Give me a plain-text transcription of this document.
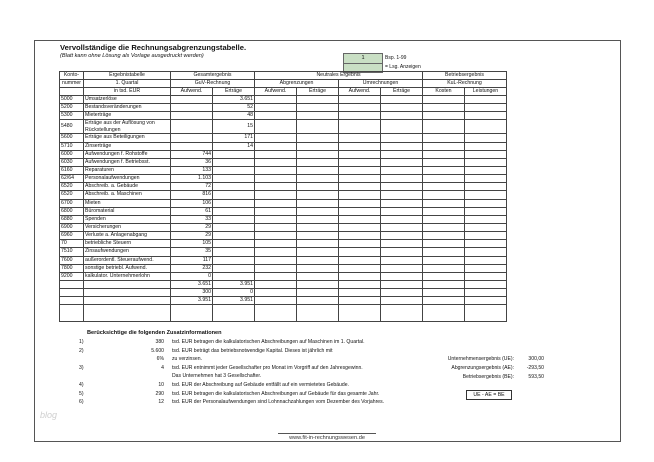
Vervollständige die Rechnungsabgrenzungstabelle.
(Blatt kann ohne Lösung als Vorlage ausgedruckt werden)	1	Bsp. 1-99
= Lsg. Anzeigen
Konto-	Ergebnistabelle	Gesamtergebnis		Neutrales Ergebnis				Betriebsergebnis	
nummer	1. Quartal	GuV-Rechnung		Abgrenzungen		Umrechnungen		KuL-Rechnung	
	in tsd. EUR	Aufwend.	Erträge	Aufwend.	Erträge	Aufwend.	Erträge	Kosten	Leistungen
5000	Umsatzerlöse		3.651						
5200	Bestandsveränderungen		52						
5300	Mieterträge		48						
5480	Erträge aus der Auflösung von Rückstellungen		15						
5600	Erträge aus Beteiligungen		171						
5710	Zinserträge		14						
6000	Aufwendungen f. Rohstoffe	744							
6030	Aufwendungen f. Betriebsst.	36							
6160	Reparaturen	133							
62/64	Personalaufwendungen	1.103							
6520	Abschreib. a. Gebäude	72							
6520	Abschreib. a. Maschinen	816							
6700	Mieten	106							
6800	Büromaterial	61							
6880	Spenden	33							
6900	Versicherungen	29							
6960	Verluste a. Anlagenabgang	29							
70	betriebliche Steuern	105							
7510	Zinsaufwendungen	35							
7600	außerordentl. Steueraufwend.	117							
7800	sonstige betriebl. Aufwend.	232							
9200	kalkulator. Unternehmerlohn	0							
		3.651	3.951						
		300	0						
		3.951	3.951						

Berücksichtige die folgenden Zusatzinformationen
1)	380 tsd. EUR betragen die kalkulatorischen Abschreibungen auf Maschinen im 1. Quartal.
2)	5.600 tsd. EUR beträgt das betriebsnotwendige Kapital. Dieses ist jährlich mit
6% zu verzinsen.
3)	4 tsd. EUR entnimmt jeder Gesellschafter pro Monat im Vorgriff auf den Jahresgewinn.
Das Unternehmen hat 3 Gesellschafter.
4)	10 tsd. EUR der Abschreibung auf Gebäude entfällt auf ein vermietetes Gebäude.
5)	290 tsd. EUR betragen die kalkulatorischen Abschreibungen auf Gebäude für das gesamte Jahr.
6)	12 tsd. EUR der Personalaufwendungen sind Lohnnachzahlungen vom Dezember des Vorjahres.
Unternehmensergebnis (UE):	300,00
Abgrenzungsergebnis (AE):	-293,50
Betriebsergebnis (BE):	593,50
UE - AE = BE
blog
www.fit-in-rechnungswesen.de
